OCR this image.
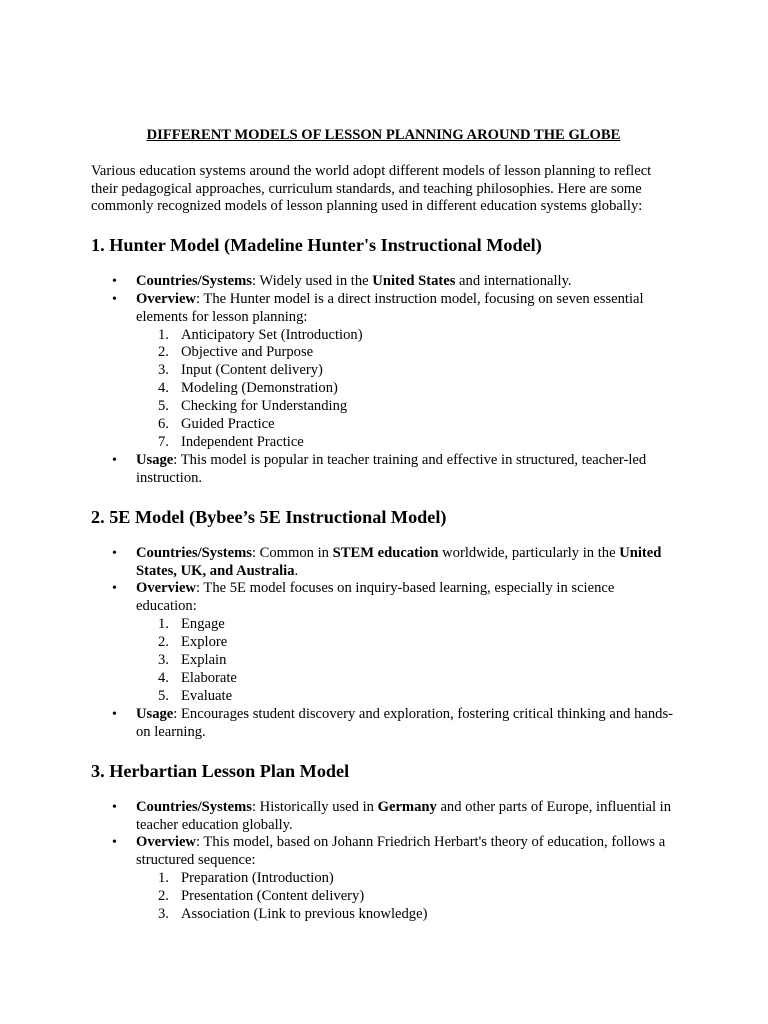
DIFFERENT MODELS OF LESSON PLANNING AROUND THE GLOBE

Various education systems around the world adopt different models of lesson planning to reflect their pedagogical approaches, curriculum standards, and teaching philosophies. Here are some commonly recognized models of lesson planning used in different education systems globally:

1. Hunter Model (Madeline Hunter's Instructional Model)
• Countries/Systems: Widely used in the United States and internationally.
• Overview: The Hunter model is a direct instruction model, focusing on seven essential elements for lesson planning:
1. Anticipatory Set (Introduction)
2. Objective and Purpose
3. Input (Content delivery)
4. Modeling (Demonstration)
5. Checking for Understanding
6. Guided Practice
7. Independent Practice
• Usage: This model is popular in teacher training and effective in structured, teacher-led instruction.
2. 5E Model (Bybee’s 5E Instructional Model)
• Countries/Systems: Common in STEM education worldwide, particularly in the United States, UK, and Australia.
• Overview: The 5E model focuses on inquiry-based learning, especially in science education:
1. Engage
2. Explore
3. Explain
4. Elaborate
5. Evaluate
• Usage: Encourages student discovery and exploration, fostering critical thinking and hands-on learning.
3. Herbartian Lesson Plan Model
• Countries/Systems: Historically used in Germany and other parts of Europe, influential in teacher education globally.
• Overview: This model, based on Johann Friedrich Herbart's theory of education, follows a structured sequence:
1. Preparation (Introduction)
2. Presentation (Content delivery)
3. Association (Link to previous knowledge)
